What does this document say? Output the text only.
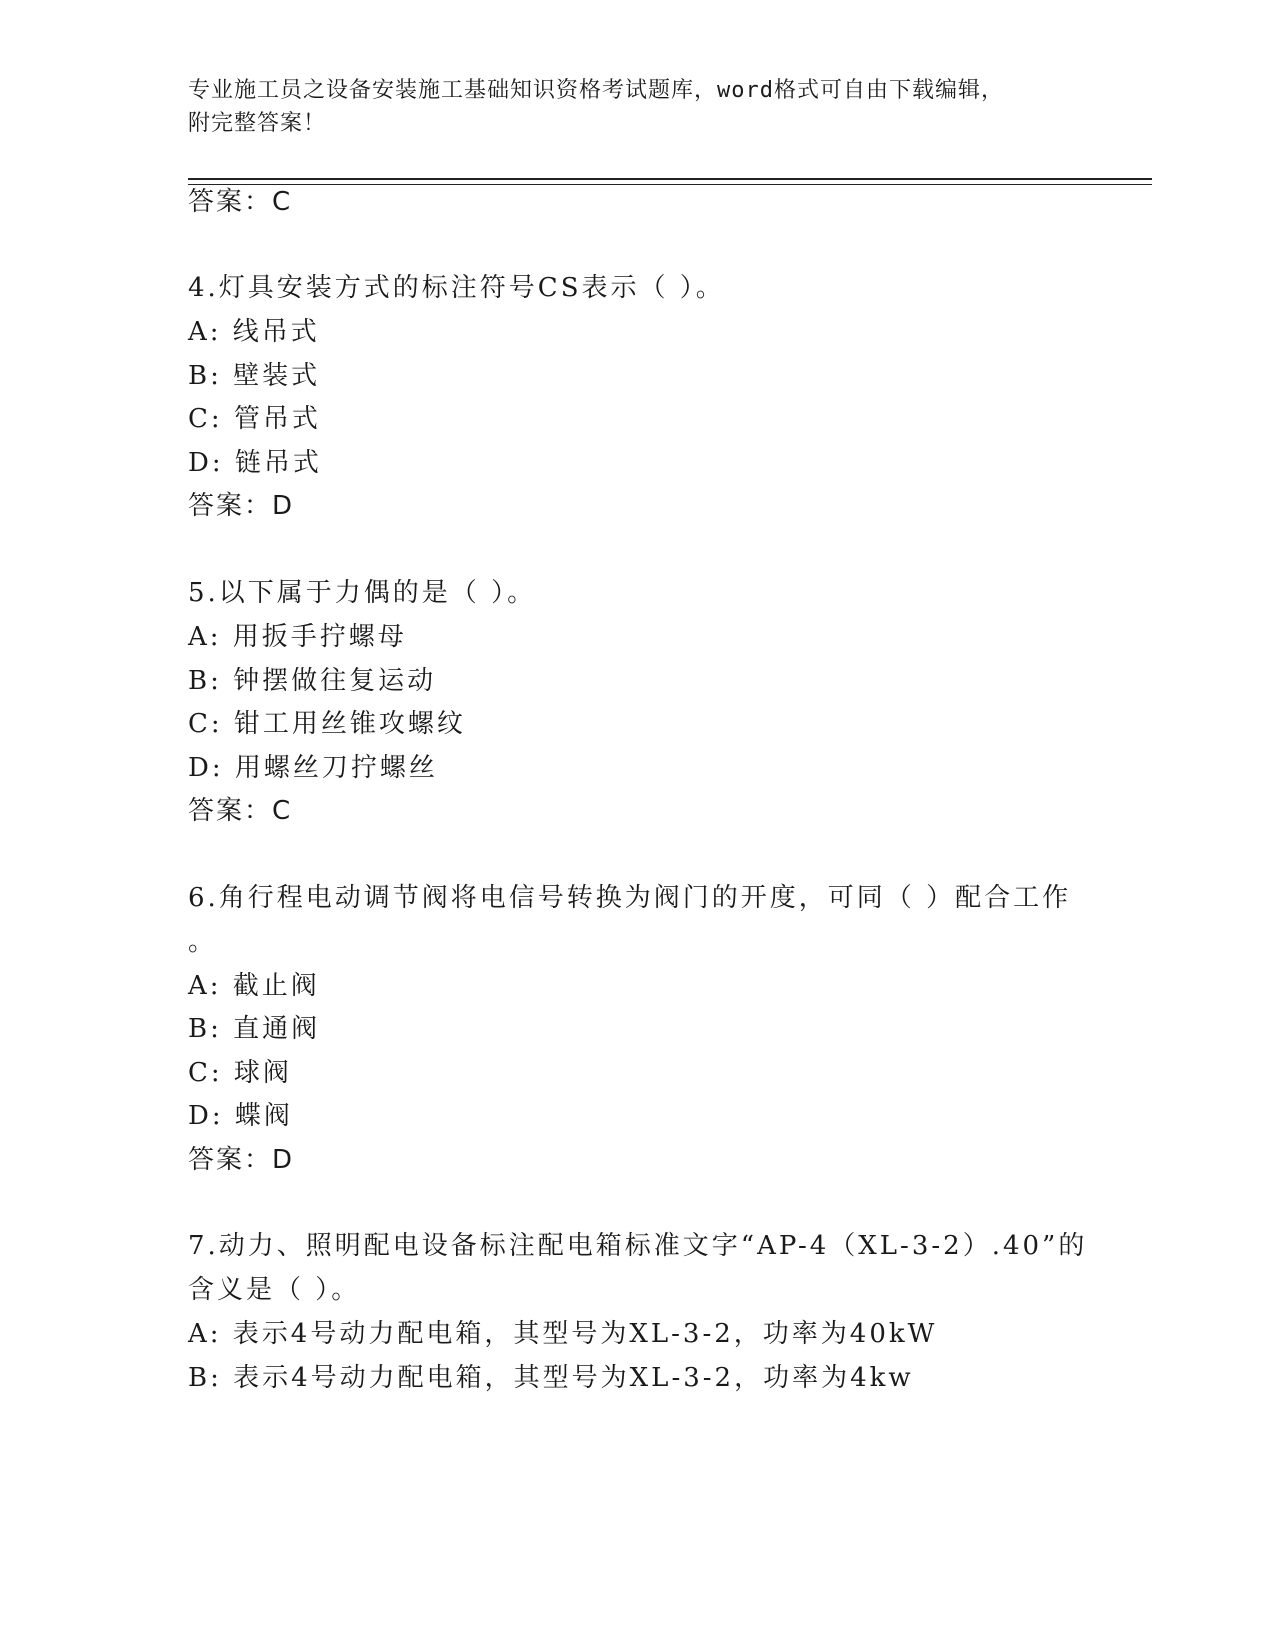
专业施工员之设备安装施工基础知识资格考试题库，word格式可自由下载编辑，
附完整答案！
答案：C
4.灯具安装方式的标注符号CS表示（ ）。
A: 线吊式
B: 壁装式
C: 管吊式
D: 链吊式
答案：D
5.以下属于力偶的是（ ）。
A: 用扳手拧螺母
B: 钟摆做往复运动
C: 钳工用丝锥攻螺纹
D: 用螺丝刀拧螺丝
答案：C
6.角行程电动调节阀将电信号转换为阀门的开度，可同（ ）配合工作
。
A: 截止阀
B: 直通阀
C: 球阀
D: 蝶阀
答案：D
7.动力、照明配电设备标注配电箱标准文字“AP-4（XL-3-2）.40”的
含义是（ ）。
A: 表示4号动力配电箱，其型号为XL-3-2，功率为40kW
B: 表示4号动力配电箱，其型号为XL-3-2，功率为4kw
